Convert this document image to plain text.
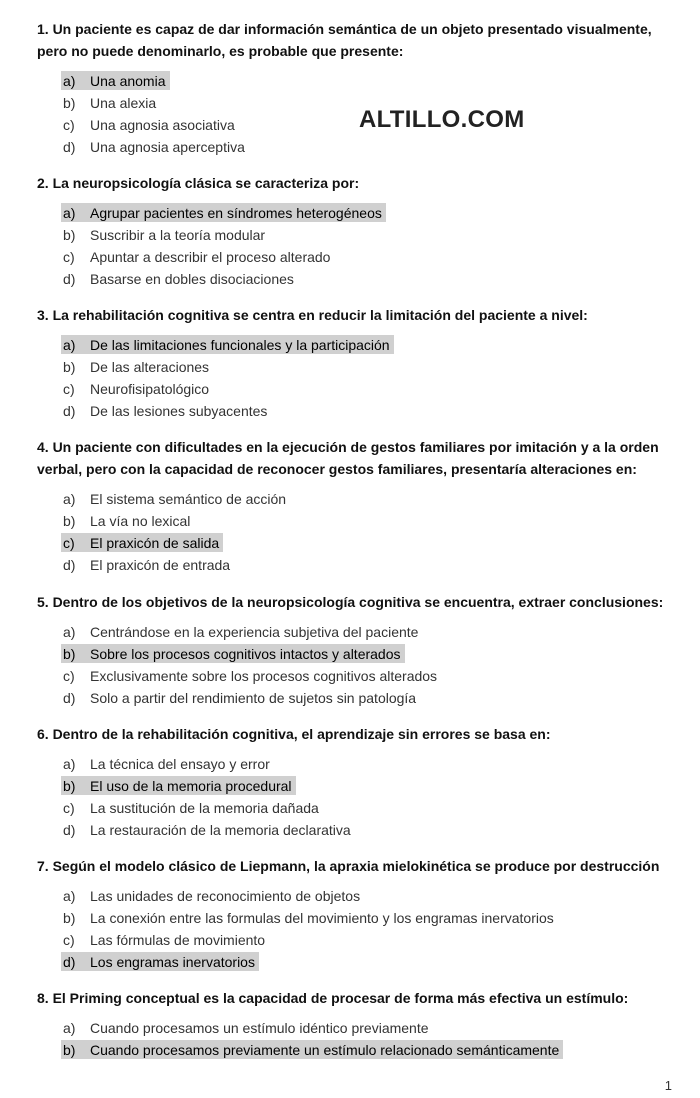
ALTILLO.COM

1. Un paciente es capaz de dar información semántica de un objeto presentado visualmente, pero no puede denominarlo, es probable que presente:

a) Una anomia
b) Una alexia
c) Una agnosia asociativa
d) Una agnosia aperceptiva

2. La neuropsicología clásica se caracteriza por:

a) Agrupar pacientes en síndromes heterogéneos
b) Suscribir a la teoría modular
c) Apuntar a describir el proceso alterado
d) Basarse en dobles disociaciones

3. La rehabilitación cognitiva se centra en reducir la limitación del paciente a nivel:

a) De las limitaciones funcionales y la participación
b) De las alteraciones
c) Neurofisipatológico
d) De las lesiones subyacentes

4. Un paciente con dificultades en la ejecución de gestos familiares por imitación y a la orden verbal, pero con la capacidad de reconocer gestos familiares, presentaría alteraciones en:

a) El sistema semántico de acción
b) La vía no lexical
c) El praxicón de salida
d) El praxicón de entrada

5. Dentro de los objetivos de la neuropsicología cognitiva se encuentra, extraer conclusiones:

a) Centrándose en la experiencia subjetiva del paciente
b) Sobre los procesos cognitivos intactos y alterados
c) Exclusivamente sobre los procesos cognitivos alterados
d) Solo a partir del rendimiento de sujetos sin patología

6. Dentro de la rehabilitación cognitiva, el aprendizaje sin errores se basa en:

a) La técnica del ensayo y error
b) El uso de la memoria procedural
c) La sustitución de la memoria dañada
d) La restauración de la memoria declarativa

7. Según el modelo clásico de Liepmann, la apraxia mielokinética se produce por destrucción

a) Las unidades de reconocimiento de objetos
b) La conexión entre las formulas del movimiento y los engramas inervatorios
c) Las fórmulas de movimiento
d) Los engramas inervatorios

8. El Priming conceptual es la capacidad de procesar de forma más efectiva un estímulo:

a) Cuando procesamos un estímulo idéntico previamente
b) Cuando procesamos previamente un estímulo relacionado semánticamente
1
